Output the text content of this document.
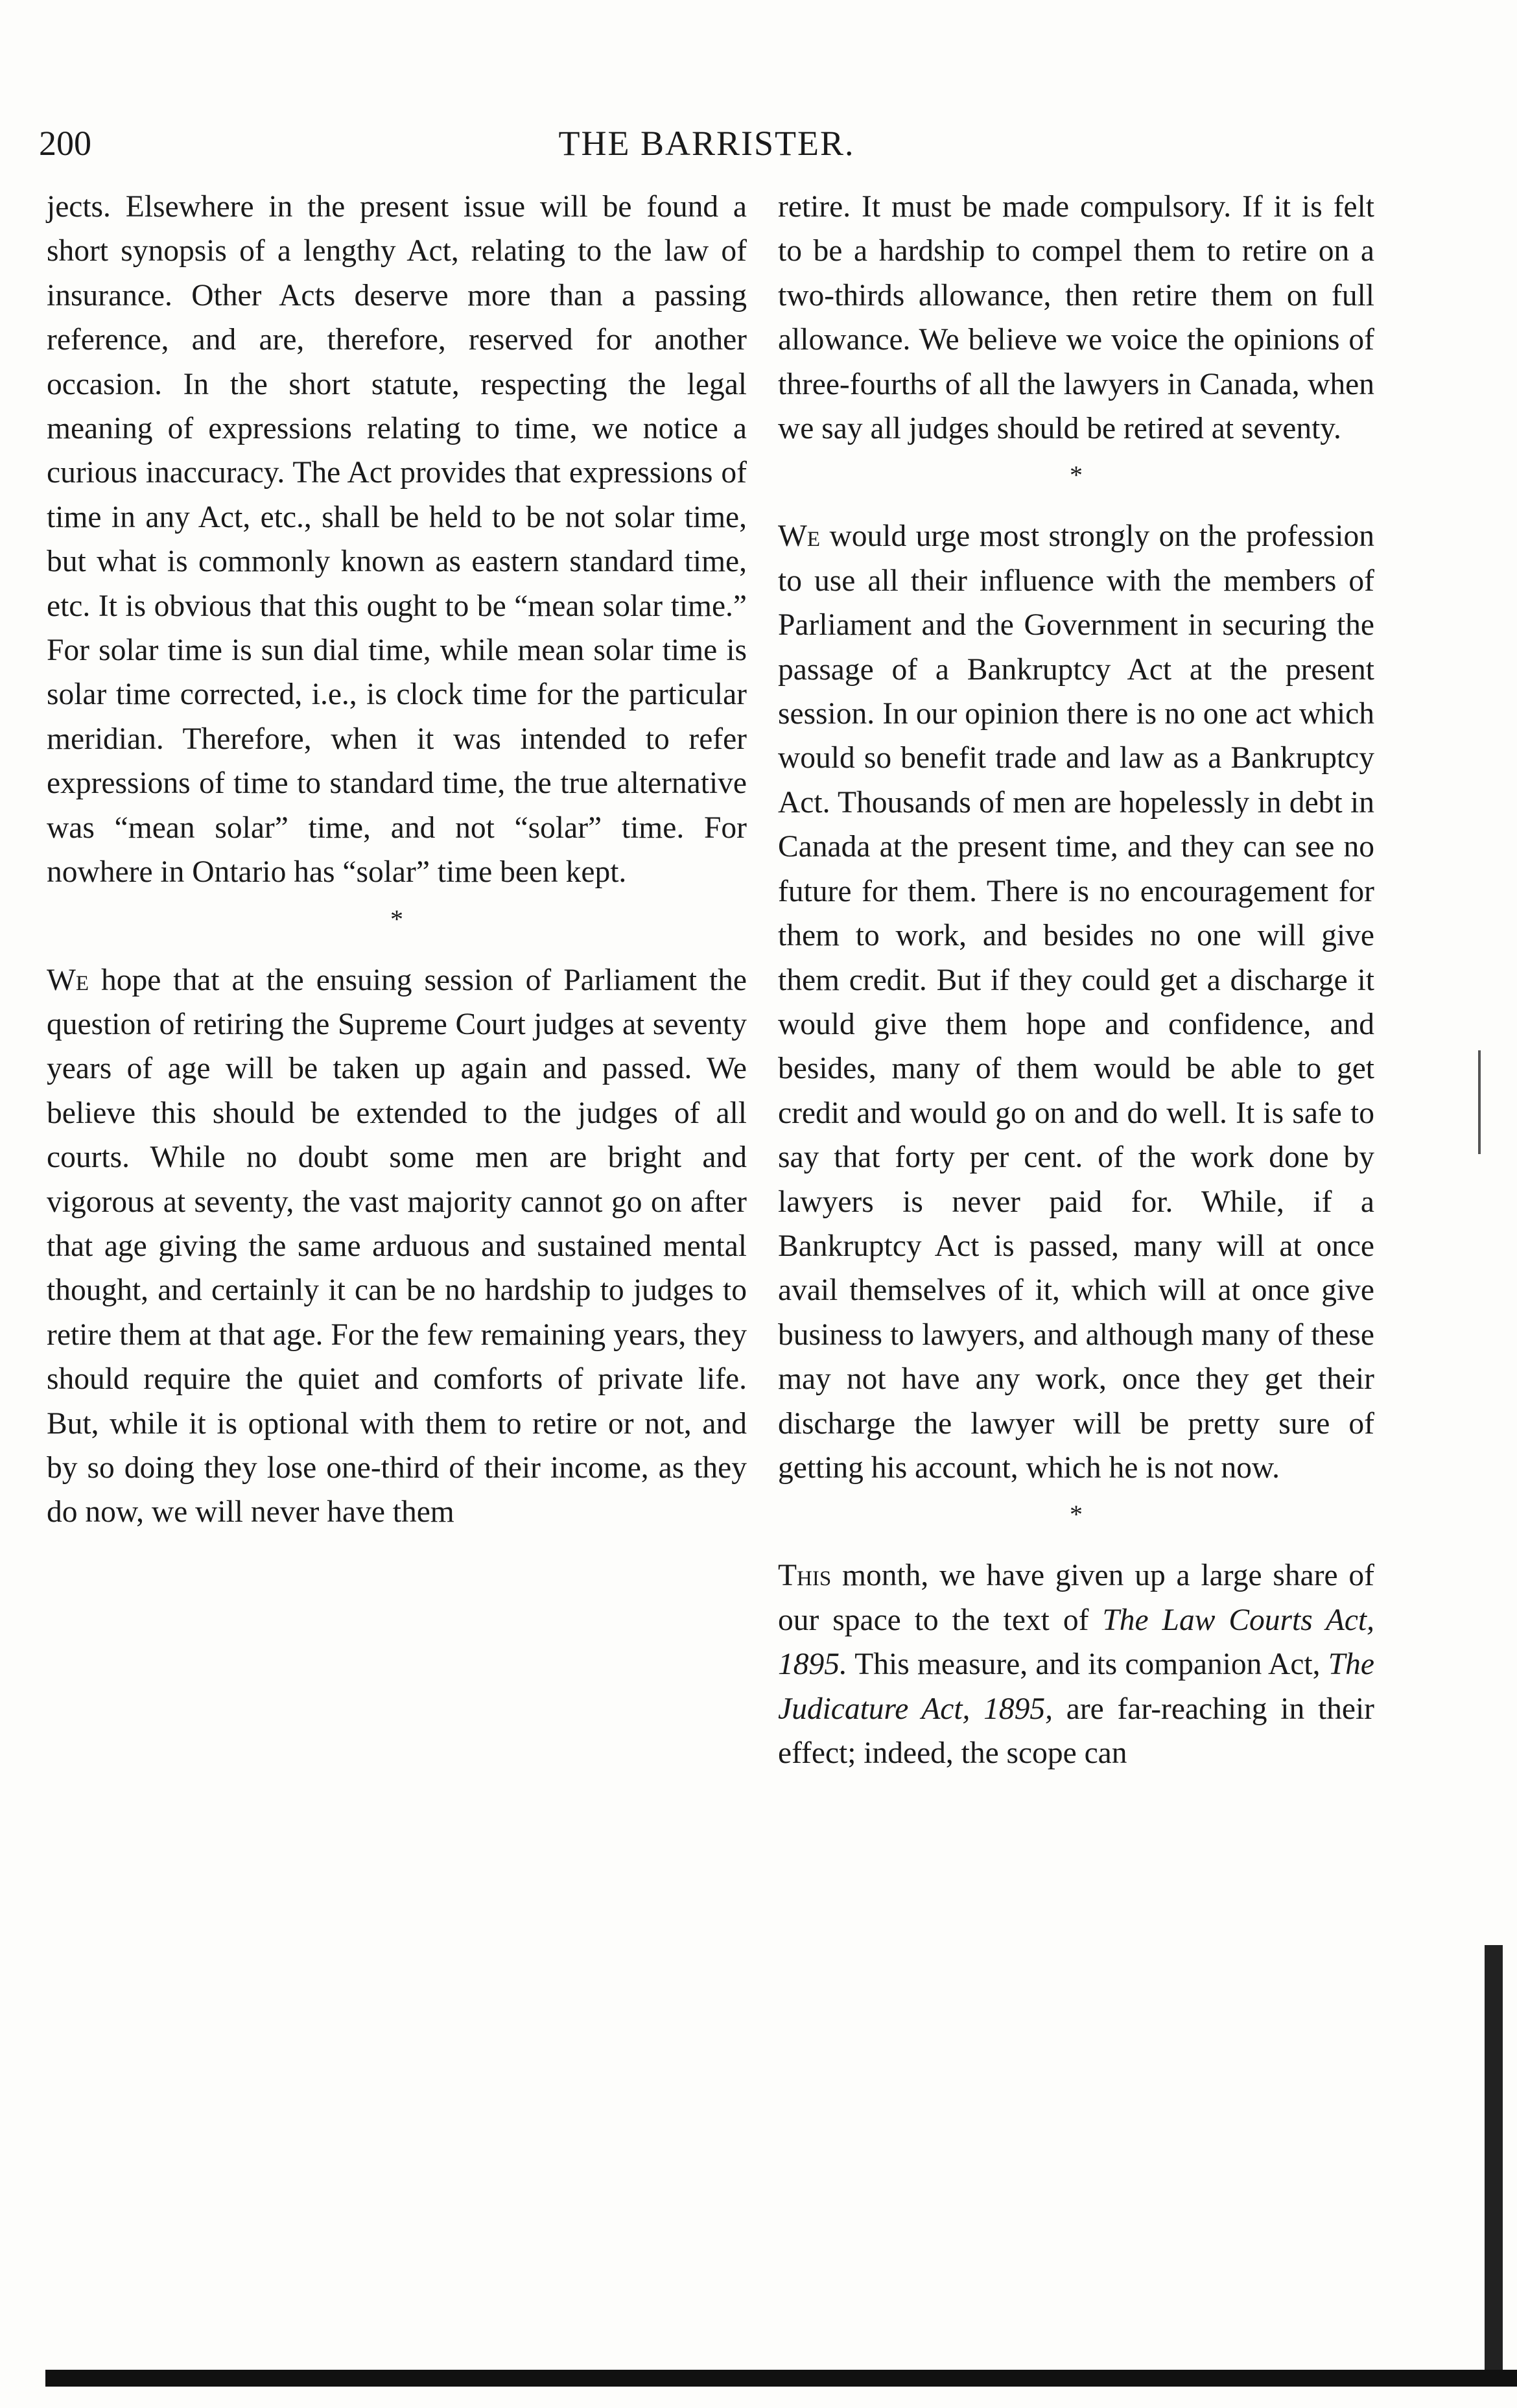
200	THE BARRISTER.

jects. Elsewhere in the present issue will be found a short synopsis of a lengthy Act, relating to the law of insurance. Other Acts deserve more than a passing reference, and are, therefore, reserved for another occasion. In the short statute, respecting the legal meaning of expressions relating to time, we notice a curious inaccuracy. The Act provides that expressions of time in any Act, etc., shall be held to be not solar time, but what is commonly known as eastern standard time, etc. It is obvious that this ought to be “mean solar time.” For solar time is sun dial time, while mean solar time is solar time corrected, i.e., is clock time for the particular meridian. Therefore, when it was intended to refer expressions of time to standard time, the true alternative was “mean solar” time, and not “solar” time. For nowhere in Ontario has “solar” time been kept.

*

We hope that at the ensuing session of Parliament the question of retiring the Supreme Court judges at seventy years of age will be taken up again and passed. We believe this should be extended to the judges of all courts. While no doubt some men are bright and vigorous at seventy, the vast majority cannot go on after that age giving the same arduous and sustained mental thought, and certainly it can be no hardship to judges to retire them at that age. For the few remaining years, they should require the quiet and comforts of private life. But, while it is optional with them to retire or not, and by so doing they lose one-third of their income, as they do now, we will never have them

retire. It must be made compulsory. If it is felt to be a hardship to compel them to retire on a two-thirds allowance, then retire them on full allowance. We believe we voice the opinions of three-fourths of all the lawyers in Canada, when we say all judges should be retired at seventy.

*

We would urge most strongly on the profession to use all their influence with the members of Parliament and the Government in securing the passage of a Bankruptcy Act at the present session. In our opinion there is no one act which would so benefit trade and law as a Bankruptcy Act. Thousands of men are hopelessly in debt in Canada at the present time, and they can see no future for them. There is no encouragement for them to work, and besides no one will give them credit. But if they could get a discharge it would give them hope and confidence, and besides, many of them would be able to get credit and would go on and do well. It is safe to say that forty per cent. of the work done by lawyers is never paid for. While, if a Bankruptcy Act is passed, many will at once avail themselves of it, which will at once give business to lawyers, and although many of these may not have any work, once they get their discharge the lawyer will be pretty sure of getting his account, which he is not now.

*

This month, we have given up a large share of our space to the text of The Law Courts Act, 1895. This measure, and its companion Act, The Judicature Act, 1895, are far-reaching in their effect; indeed, the scope can
